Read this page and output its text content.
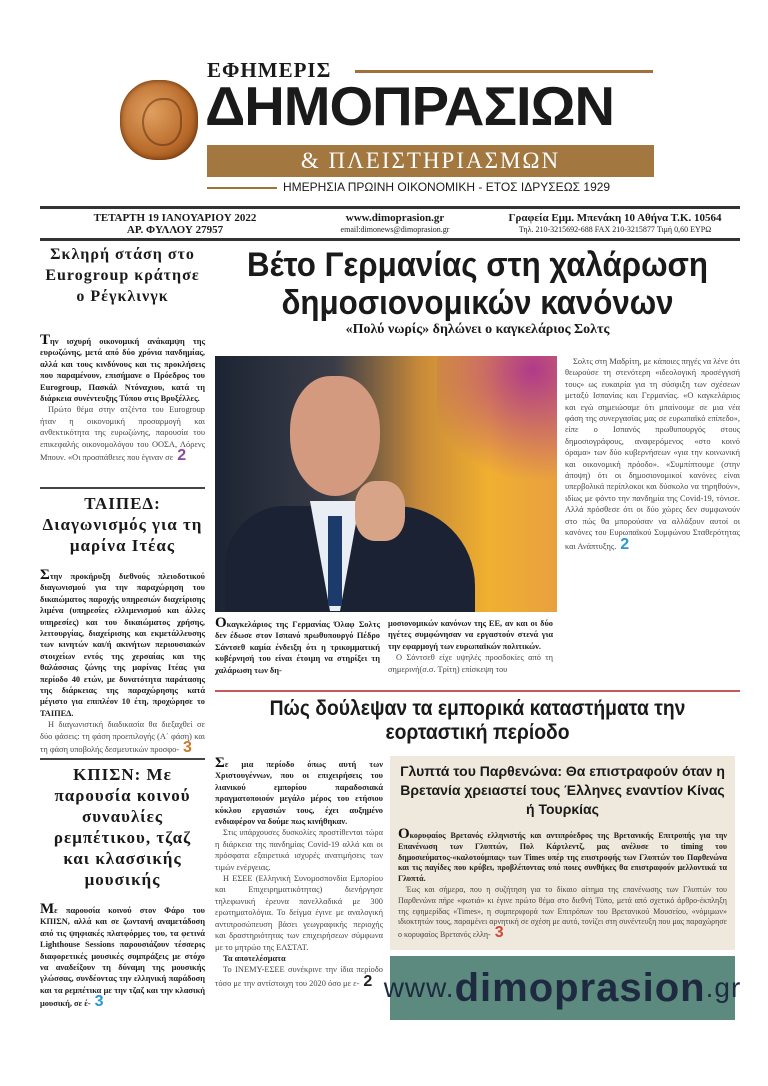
ΕΦΗΜΕΡΙΣ
ΔΗΜΟΠΡΑΣΙΩΝ
& ΠΛΕΙΣΤΗΡΙΑΣΜΩΝ
ΗΜΕΡΗΣΙΑ ΠΡΩΙΝΗ ΟΙΚΟΝΟΜΙΚΗ - ΕΤΟΣ ΙΔΡΥΣΕΩΣ 1929
ΤΕΤΑΡΤΗ 19 ΙΑΝΟΥΑΡΙΟΥ 2022
ΑΡ. ΦΥΛΛΟΥ 27957
www.dimoprasion.gr
email:dimonews@dimoprasion.gr
Γραφεία Εμμ. Μπενάκη 10 Αθήνα Τ.Κ. 10564
Τηλ. 210-3215692-688 FAX 210-3215877 Τιμή 0,60 ΕΥΡΩ
Σκληρή στάση στο Eurogroup κράτησε ο Ρέγκλινγκ

Την ισχυρή οικονομική ανάκαμψη της ευρωζώνης, μετά από δύο χρόνια πανδημίας, αλλά και τους κινδύνους και τις προκλήσεις που παραμένουν, επισήμανε ο Πρόεδρος του Eurogroup, Πασκάλ Ντόναχιου, κατά τη διάρκεια συνέντευξης Τύπου στις Βρυξέλλες.

Πρώτο θέμα στην ατζέντα του Eurogroup ήταν η οικονομική προσαρμογή και ανθεκτικότητα της ευρωζώνης, παρουσία του επικεφαλής οικονομολόγου του ΟΟΣΑ, Λόρενς Μπουν. «Οι προσπάθειες που έγιναν σε 2

ΤΑΙΠΕΔ: Διαγωνισμός για τη μαρίνα Ιτέας

Στην προκήρυξη διεθνούς πλειοδοτικού διαγωνισμού για την παραχώρηση του δικαιώματος παροχής υπηρεσιών διαχείρισης λιμένα (υπηρεσίες ελλιμενισμού και άλλες υπηρεσίες) και του δικαιώματος χρήσης, λειτουργίας, διαχείρισης και εκμετάλλευσης των κινητών και/ή ακινήτων περιουσιακών στοιχείων εντός της χερσαίας και της θαλάσσιας ζώνης της μαρίνας Ιτέας για περίοδο 40 ετών, με δυνατότητα παράτασης της διάρκειας της παραχώρησης κατά μέγιστο για επιπλέον 10 έτη, προχώρησε το ΤΑΙΠΕΔ.

Η διαγωνιστική διαδικασία θα διεξαχθεί σε δύο φάσεις: τη φάση προεπιλογής (Α΄ φάση) και τη φάση υποβολής δεσμευτικών προσφο- 3

ΚΠΙΣΝ: Με παρουσία κοινού συναυλίες ρεμπέτικου, τζαζ και κλασσικής μουσικής

Με παρουσία κοινού στον Φάρο του ΚΠΙΣΝ, αλλά και σε ζωντανή αναμετάδοση από τις ψηφιακές πλατφόρμες του, τα φετινά Lighthouse Sessions παρουσιάζουν τέσσερις διαφορετικές μουσικές συμπράξεις με στόχο να αναδείξουν τη δύναμη της μουσικής γλώσσας, συνδέοντας την ελληνική παράδοση και τα ρεμπέτικα με την τζαζ και την κλασική μουσική, σε έ- 3

Βέτο Γερμανίας στη χαλάρωση δημοσιονομικών κανόνων
«Πολύ νωρίς» δηλώνει ο καγκελάριος Σολτς
Σολτς στη Μαδρίτη, με κάποιες πηγές να λένε ότι θεωρούσε τη στενότερη «ιδεολογική προσέγγισή τους» ως ευκαιρία για τη σύσφιξη των σχέσεων μεταξύ Ισπανίας και Γερμανίας. «Ο καγκελάριος και εγώ σημειώσαμε ότι μπαίνουμε σε μια νέα φάση της συνεργασίας μας σε ευρωπαϊκό επίπεδο», είπε ο Ισπανός πρωθυπουργός στους δημοσιογράφους, αναφερόμενος «στο κοινό όραμα» των δύο κυβερνήσεων «για την κοινωνική και οικονομική πρόοδο». «Συμπίπτουμε (στην άποψη) ότι οι δημοσιονομικοί κανόνες είναι υπερβολικά περίπλοκοι και δύσκολο να τηρηθούν», ιδίως με φόντο την πανδημία της Covid-19, τόνισε. Αλλά πρόσθεσε ότι οι δύο χώρες δεν συμφωνούν στο πώς θα μπορούσαν να αλλάξουν αυτοί οι κανόνες του Ευρωπαϊκού Συμφώνου Σταθερότητας και Ανάπτυξης. 2
Οκαγκελάριος της Γερμανίας Όλαφ Σολτς δεν έδωσε στον Ισπανό πρωθυπουργό Πέδρο Σάντσεθ καμία ένδειξη ότι η τρικομματική κυβέρνησή του είναι έτοιμη να στηρίξει τη χαλάρωση των δη-
μοσιονομικών κανόνων της ΕΕ, αν και οι δύο ηγέτες συμφώνησαν να εργαστούν στενά για την εφαρμογή των ευρωπαϊκών πολιτικών.
Ο Σάντσεθ είχε υψηλές προσδοκίες από τη σημερινή(σ.σ. Τρίτη) επίσκεψη του
Πώς δούλεψαν τα εμπορικά καταστήματα την εορταστική περίοδο

Σε μια περίοδο όπως αυτή των Χριστουγέννων, που οι επιχειρήσεις του λιανικού εμπορίου παραδοσιακά πραγματοποιούν μεγάλο μέρος του ετήσιου κύκλου εργασιών τους, έχει αυξημένο ενδιαφέρον να δούμε πως κινήθηκαν.

Στις υπάρχουσες δυσκολίες προστίθενται τώρα η διάρκεια της πανδημίας Covid-19 αλλά και οι πρόσφατα εξαιρετικά ισχυρές ανατιμήσεις των τιμών ενέργειας.

Η ΕΣΕΕ (Ελληνική Συνομοσπονδία Εμπορίου και Επιχειρηματικότητας) διενήργησε τηλεφωνική έρευνα πανελλαδικά με 300 ερωτηματολόγια. Το δείγμα έγινε με αναλογική αντιπροσώπευση βάσει γεωγραφικής περιοχής και δραστηριότητας των επιχειρήσεων σύμφωνα με το μητρώο της ΕΛΣΤΑΤ.

Τα αποτελέσματα

Το ΙΝΕΜΥ-ΕΣΕΕ συνέκρινε την ίδια περίοδο τόσο με την αντίστοιχη του 2020 όσο με ε- 2

Γλυπτά του Παρθενώνα: Θα επιστραφούν όταν η Βρετανία χρειαστεί τους Έλληνες εναντίον Κίνας ή Τουρκίας

Οκορυφαίος Βρετανός ελληνιστής και αντιπρόεδρος της Βρετανικής Επιτροπής για την Επανένωση των Γλυπτών, Πολ Κάρτλεντζ, μας ανέλυσε το timing του δημοσιεύματος-«καλοτούμπας» των Times υπέρ της επιστροφής των Γλυπτών του Παρθενώνα και τις παγίδες που κρύβει, προβλέποντας υπό ποιες συνθήκες θα επιστραφούν μελλοντικά τα Γλυπτά.

Έως και σήμερα, που η συζήτηση για το δίκαιο αίτημα της επανένωσης των Γλυπτών του Παρθενώνα πήρε «φωτιά» κι έγινε πρώτο θέμα στο διεθνή Τύπο, μετά από σχετικό άρθρο-έκπληξη της εφημερίδας «Times», η συμπεριφορά των Επιτρόπων του Βρετανικού Μουσείου, «νόμιμων» ιδιοκτητών τους, παραμένει αρνητική σε σχέση με αυτό, τονίζει στη συνέντευξη που μας παραχώρησε ο κορυφαίος Βρετανός ελλη- 3

www. dimoprasion .gr
